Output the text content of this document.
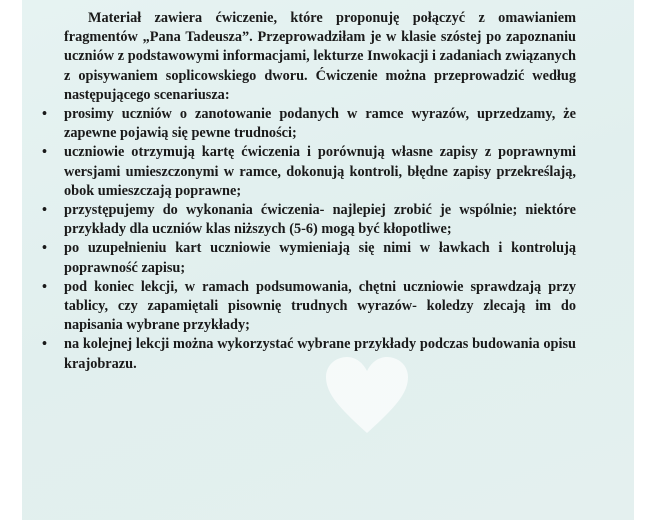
Materiał zawiera ćwiczenie, które proponuję połączyć z omawianiem fragmentów „Pana Tadeusza”. Przeprowadziłam je w klasie szóstej po zapoznaniu uczniów z podstawowymi informacjami, lekturze Inwokacji i zadaniach związanych z opisywaniem soplicowskiego dworu. Ćwiczenie można przeprowadzić według następującego scenariusza:

• prosimy uczniów o zanotowanie podanych w ramce wyrazów, uprzedzamy, że zapewne pojawią się pewne trudności;
• uczniowie otrzymują kartę ćwiczenia i porównują własne zapisy z poprawnymi wersjami umieszczonymi w ramce, dokonują kontroli, błędne zapisy przekreślają, obok umieszczają poprawne;
• przystępujemy do wykonania ćwiczenia- najlepiej zrobić je wspólnie; niektóre przykłady dla uczniów klas niższych (5-6) mogą być kłopotliwe;
• po uzupełnieniu kart uczniowie wymieniają się nimi w ławkach i kontrolują poprawność zapisu;
• pod koniec lekcji, w ramach podsumowania, chętni uczniowie sprawdzają przy tablicy, czy zapamiętali pisownię trudnych wyrazów- koledzy zlecają im do napisania wybrane przykłady;
• na kolejnej lekcji można wykorzystać wybrane przykłady podczas budowania opisu krajobrazu.
